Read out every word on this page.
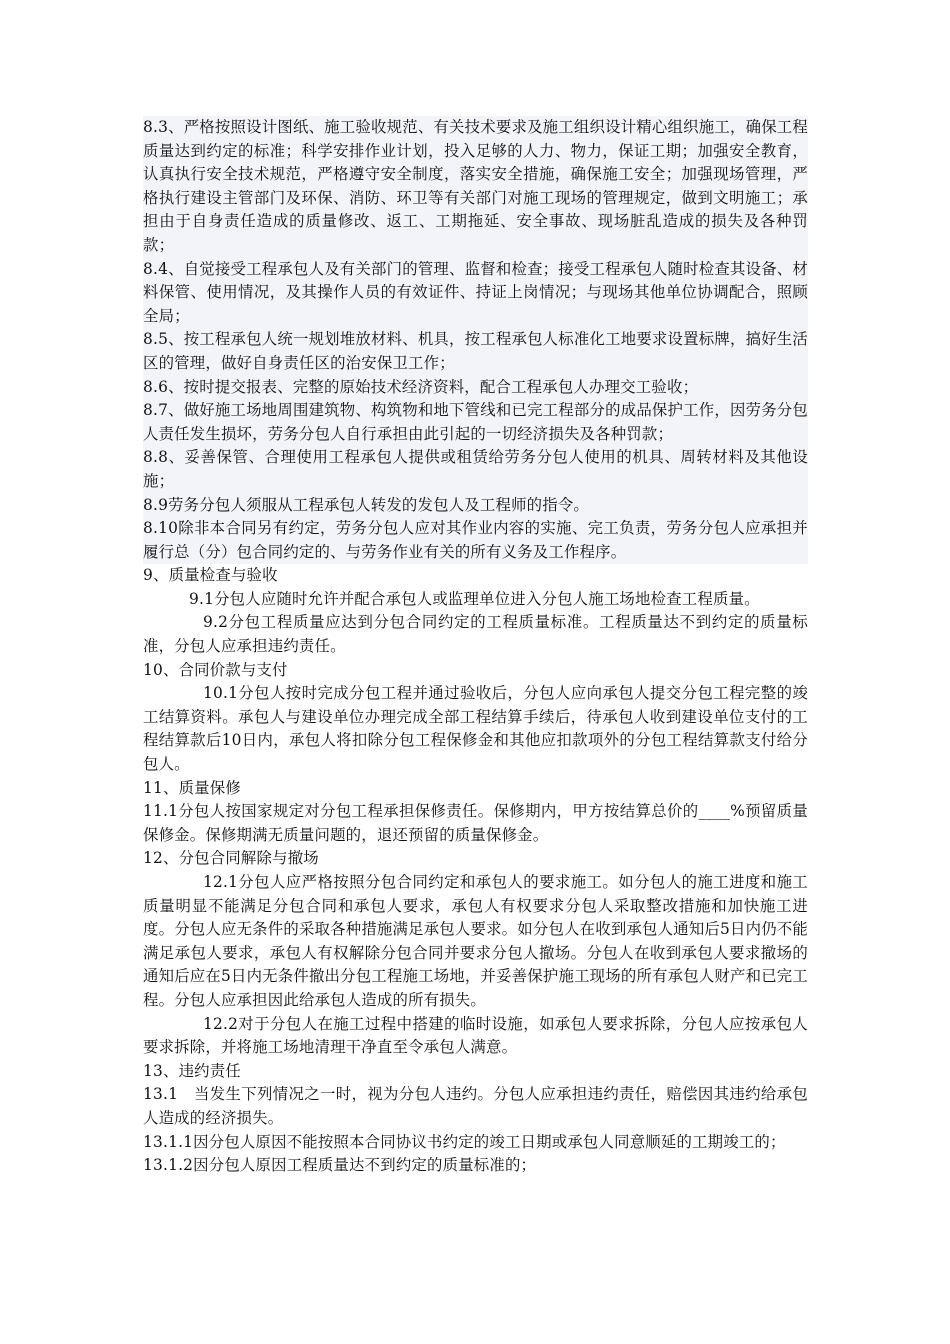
8.3、严格按照设计图纸、施工验收规范、有关技术要求及施工组织设计精心组织施工，确保工程质量达到约定的标准；科学安排作业计划，投入足够的人力、物力，保证工期；加强安全教育，认真执行安全技术规范，严格遵守安全制度，落实安全措施，确保施工安全；加强现场管理，严格执行建设主管部门及环保、消防、环卫等有关部门对施工现场的管理规定，做到文明施工；承担由于自身责任造成的质量修改、返工、工期拖延、安全事故、现场脏乱造成的损失及各种罚款；

8.4、自觉接受工程承包人及有关部门的管理、监督和检查；接受工程承包人随时检查其设备、材料保管、使用情况，及其操作人员的有效证件、持证上岗情况；与现场其他单位协调配合，照顾全局；

8.5、按工程承包人统一规划堆放材料、机具，按工程承包人标准化工地要求设置标牌，搞好生活区的管理，做好自身责任区的治安保卫工作；

8.6、按时提交报表、完整的原始技术经济资料，配合工程承包人办理交工验收；

8.7、做好施工场地周围建筑物、构筑物和地下管线和已完工程部分的成品保护工作，因劳务分包人责任发生损坏，劳务分包人自行承担由此引起的一切经济损失及各种罚款；

8.8、妥善保管、合理使用工程承包人提供或租赁给劳务分包人使用的机具、周转材料及其他设施；

8.9劳务分包人须服从工程承包人转发的发包人及工程师的指令。

8.10除非本合同另有约定，劳务分包人应对其作业内容的实施、完工负责，劳务分包人应承担并履行总（分）包合同约定的、与劳务作业有关的所有义务及工作程序。

9、质量检查与验收

9.1分包人应随时允许并配合承包人或监理单位进入分包人施工场地检查工程质量。

9.2分包工程质量应达到分包合同约定的工程质量标准。工程质量达不到约定的质量标准，分包人应承担违约责任。

10、合同价款与支付

10.1分包人按时完成分包工程并通过验收后，分包人应向承包人提交分包工程完整的竣工结算资料。承包人与建设单位办理完成全部工程结算手续后，待承包人收到建设单位支付的工程结算款后10日内，承包人将扣除分包工程保修金和其他应扣款项外的分包工程结算款支付给分包人。

11、质量保修

11.1分包人按国家规定对分包工程承担保修责任。保修期内，甲方按结算总价的____%预留质量保修金。保修期满无质量问题的，退还预留的质量保修金。

12、分包合同解除与撤场

12.1分包人应严格按照分包合同约定和承包人的要求施工。如分包人的施工进度和施工质量明显不能满足分包合同和承包人要求，承包人有权要求分包人采取整改措施和加快施工进度。分包人应无条件的采取各种措施满足承包人要求。如分包人在收到承包人通知后5日内仍不能满足承包人要求，承包人有权解除分包合同并要求分包人撤场。分包人在收到承包人要求撤场的通知后应在5日内无条件撤出分包工程施工场地，并妥善保护施工现场的所有承包人财产和已完工程。分包人应承担因此给承包人造成的所有损失。

12.2对于分包人在施工过程中搭建的临时设施，如承包人要求拆除，分包人应按承包人要求拆除，并将施工场地清理干净直至令承包人满意。

13、违约责任

13.1　当发生下列情况之一时，视为分包人违约。分包人应承担违约责任，赔偿因其违约给承包人造成的经济损失。

13.1.1因分包人原因不能按照本合同协议书约定的竣工日期或承包人同意顺延的工期竣工的；

13.1.2因分包人原因工程质量达不到约定的质量标准的；
